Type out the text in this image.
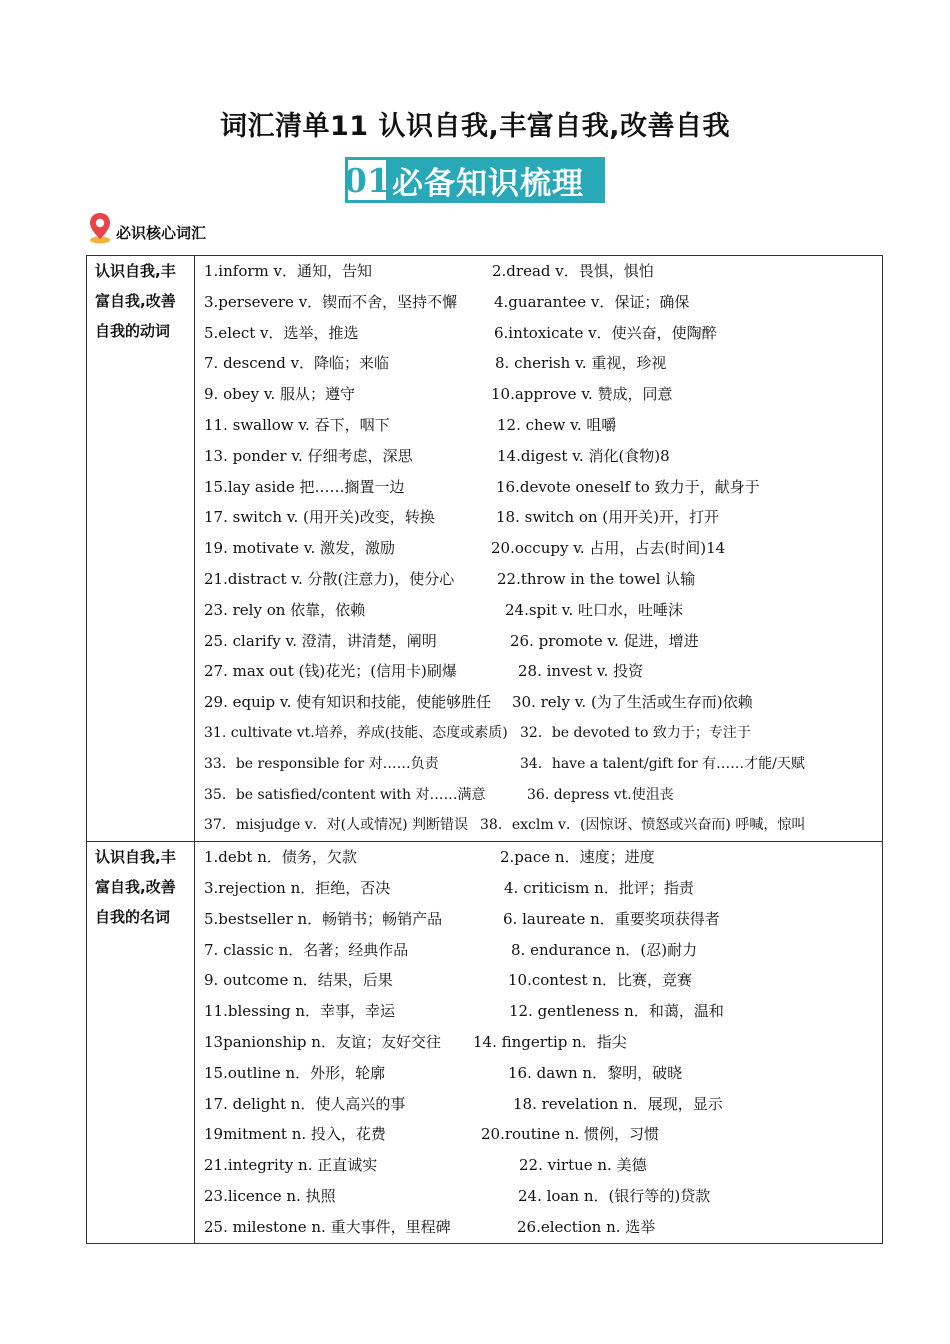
词汇清单11 认识自我,丰富自我,改善自我
01 必备知识梳理
必识核心词汇
认识自我,丰富自我,改善自我的动词
1.inform v．通知，告知	2.dread v．畏惧，惧怕
3.persevere v．锲而不舍，坚持不懈 4.guarantee v．保证；确保
5.elect v．选举，推选	6.intoxicate v．使兴奋，使陶醉
7. descend v．降临；来临	8. cherish v. 重视，珍视
9. obey v. 服从；遵守	10.approve v. 赞成，同意
11. swallow v. 吞下，咽下	12. chew v. 咀嚼
13. ponder v. 仔细考虑，深思	14.digest v. 消化(食物)8
15.lay aside 把……搁置一边	16.devote oneself to 致力于，献身于
17. switch v. (用开关)改变，转换	18. switch on (用开关)开，打开
19. motivate v. 激发，激励	20.occupy v. 占用，占去(时间)14
21.distract v. 分散(注意力)，使分心	22.throw in the towel 认输
23. rely on 依靠，依赖	24.spit v. 吐口水，吐唾沫
25. clarify v. 澄清，讲清楚，阐明	26. promote v. 促进，增进
27. max out (钱)花光；(信用卡)刷爆	28. invest v. 投资
29. equip v. 使有知识和技能，使能够胜任 30. rely v. (为了生活或生存而)依赖
31. cultivate vt.培养，养成(技能、态度或素质) 32．be devoted to 致力于；专注于
33．be responsible for 对……负责	34．have a talent/gift for 有……才能/天赋
35．be satisfied/content with 对……满意	36. depress vt.使沮丧
37．misjudge v．对(人或情况) 判断错误 38．exclm v．(因惊讶、愤怒或兴奋而) 呼喊，惊叫
认识自我,丰富自我,改善自我的名词
1.debt n．债务，欠款	2.pace n．速度；进度
3.rejection n．拒绝，否决	4. criticism n．批评；指责
5.bestseller n．畅销书；畅销产品	6. laureate n．重要奖项获得者
7. classic n．名著；经典作品	8. endurance n．(忍)耐力
9. outcome n．结果，后果	10.contest n．比赛，竞赛
11.blessing n．幸事，幸运	12. gentleness n．和蔼，温和
13panionship n．友谊；友好交往 14. fingertip n．指尖
15.outline n．外形，轮廓	16. dawn n．黎明，破晓
17. delight n．使人高兴的事	18. revelation n．展现，显示
19mitment n. 投入，花费	20.routine n. 惯例，习惯
21.integrity n. 正直诚实	22. virtue n. 美德
23.licence n. 执照	24. loan n．(银行等的)贷款
25. milestone n. 重大事件，里程碑	26.election n. 选举
